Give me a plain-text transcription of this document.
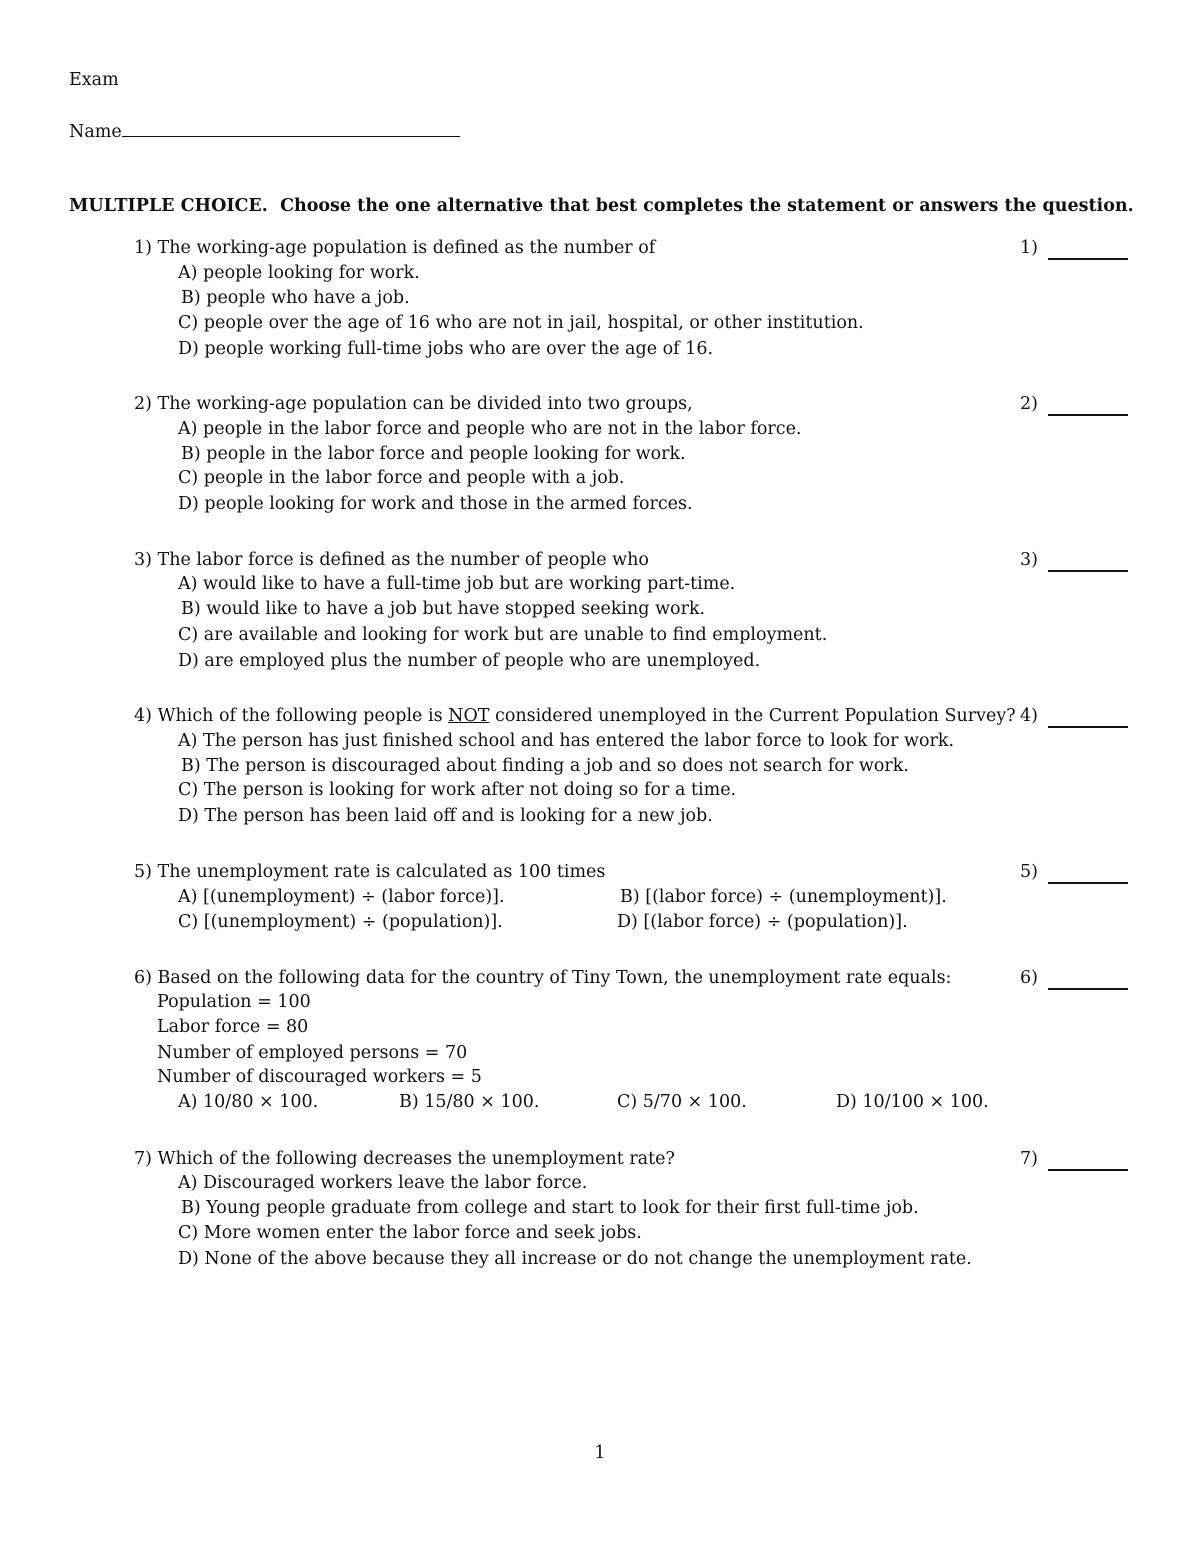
Exam
Name
MULTIPLE CHOICE. Choose the one alternative that best completes the statement or answers the question.
1) The working-age population is defined as the number of	1)
A) people looking for work.
B) people who have a job.
C) people over the age of 16 who are not in jail, hospital, or other institution.
D) people working full-time jobs who are over the age of 16.
2) The working-age population can be divided into two groups,	2)
A) people in the labor force and people who are not in the labor force.
B) people in the labor force and people looking for work.
C) people in the labor force and people with a job.
D) people looking for work and those in the armed forces.
3) The labor force is defined as the number of people who	3)
A) would like to have a full-time job but are working part-time.
B) would like to have a job but have stopped seeking work.
C) are available and looking for work but are unable to find employment.
D) are employed plus the number of people who are unemployed.
4) Which of the following people is NOT considered unemployed in the Current Population Survey? 4)
A) The person has just finished school and has entered the labor force to look for work.
B) The person is discouraged about finding a job and so does not search for work.
C) The person is looking for work after not doing so for a time.
D) The person has been laid off and is looking for a new job.
5) The unemployment rate is calculated as 100 times	5)
A) [(unemployment) ÷ (labor force)].	B) [(labor force) ÷ (unemployment)].
C) [(unemployment) ÷ (population)].	D) [(labor force) ÷ (population)].
6) Based on the following data for the country of Tiny Town, the unemployment rate equals:	6)
Population = 100
Labor force = 80
Number of employed persons = 70
Number of discouraged workers = 5
A) 10/80 × 100.	B) 15/80 × 100.	C) 5/70 × 100.	D) 10/100 × 100.
7) Which of the following decreases the unemployment rate?	7)
A) Discouraged workers leave the labor force.
B) Young people graduate from college and start to look for their first full-time job.
C) More women enter the labor force and seek jobs.
D) None of the above because they all increase or do not change the unemployment rate.
1
